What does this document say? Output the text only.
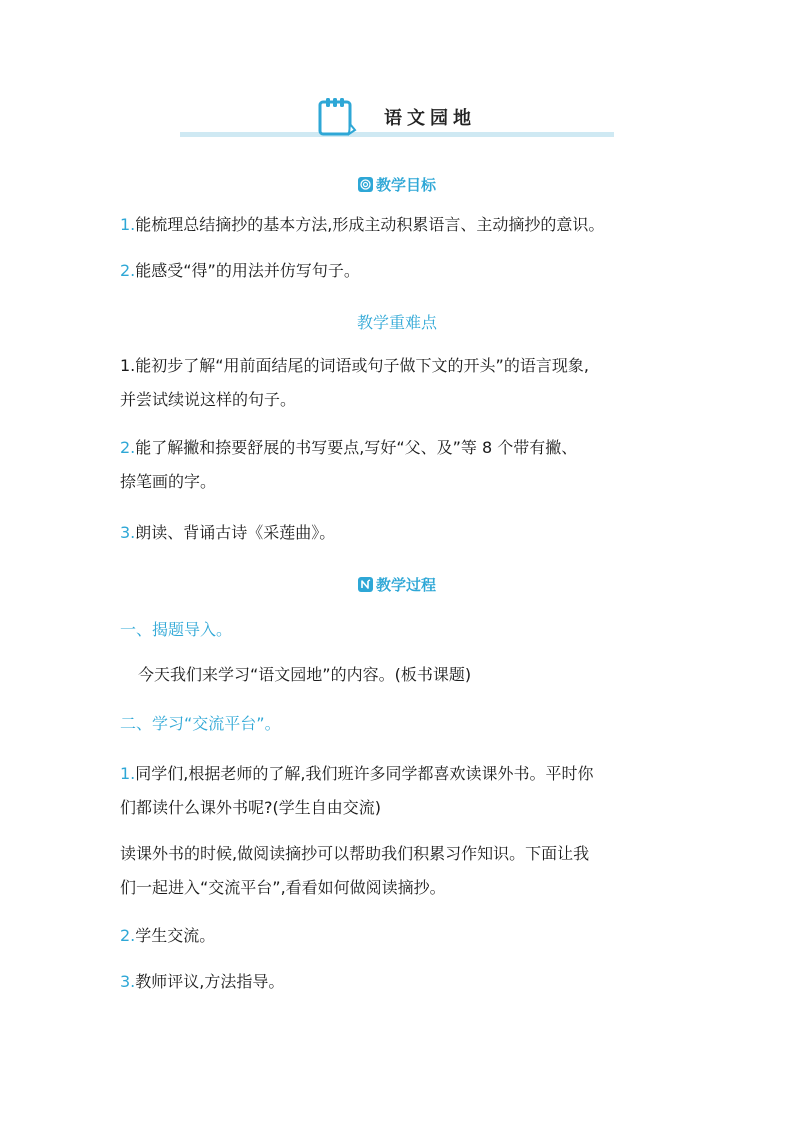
语文园地
教学目标
1.能梳理总结摘抄的基本方法,形成主动积累语言、主动摘抄的意识。
2.能感受“得”的用法并仿写句子。
教学重难点
1.能初步了解“用前面结尾的词语或句子做下文的开头”的语言现象,
并尝试续说这样的句子。
2.能了解撇和捺要舒展的书写要点,写好“父、及”等 8 个带有撇、
捺笔画的字。
3.朗读、背诵古诗《采莲曲》。
教学过程
一、揭题导入。
今天我们来学习“语文园地”的内容。(板书课题)
二、学习“交流平台”。
1.同学们,根据老师的了解,我们班许多同学都喜欢读课外书。平时你
们都读什么课外书呢?(学生自由交流)
读课外书的时候,做阅读摘抄可以帮助我们积累习作知识。下面让我
们一起进入“交流平台”,看看如何做阅读摘抄。
2.学生交流。
3.教师评议,方法指导。
